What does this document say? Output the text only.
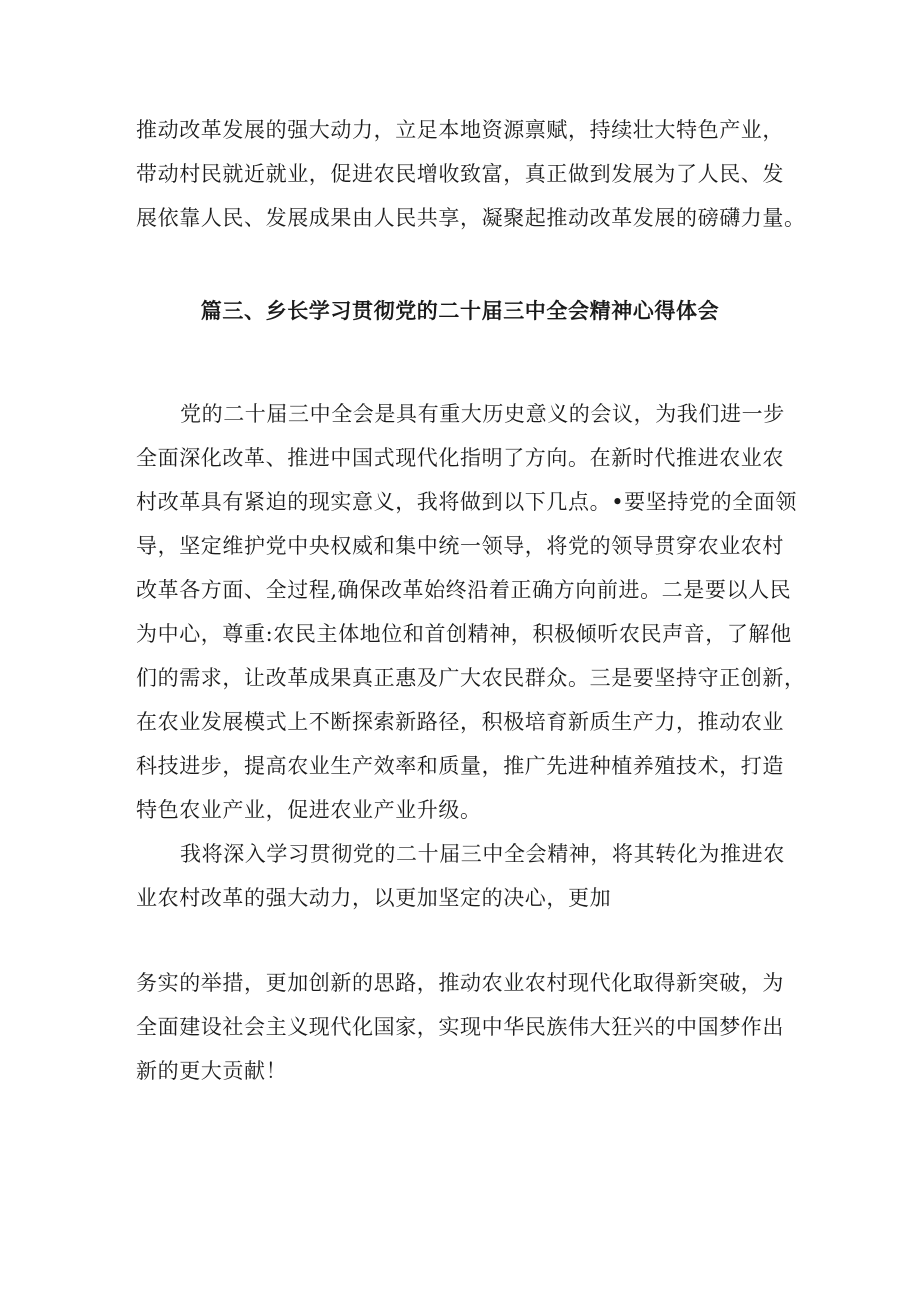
推动改革发展的强大动力，立足本地资源禀赋，持续壮大特色产业，
带动村民就近就业，促进农民增收致富，真正做到发展为了人民、发
展依靠人民、发展成果由人民共享，凝聚起推动改革发展的磅礴力量。
篇三、乡长学习贯彻党的二十届三中全会精神心得体会
党的二十届三中全会是具有重大历史意义的会议，为我们进一步
全面深化改革、推进中国式现代化指明了方向。在新时代推进农业农
村改革具有紧迫的现实意义，我将做到以下几点。•要坚持党的全面领
导，坚定维护党中央权威和集中统一领导，将党的领导贯穿农业农村
改革各方面、全过程,确保改革始终沿着正确方向前进。二是要以人民
为中心，尊重:农民主体地位和首创精神，积极倾听农民声音，了解他
们的需求，让改革成果真正惠及广大农民群众。三是要坚持守正创新，
在农业发展模式上不断探索新路径，积极培育新质生产力，推动农业
科技进步，提高农业生产效率和质量，推广先进种植养殖技术，打造
特色农业产业，促进农业产业升级。
我将深入学习贯彻党的二十届三中全会精神，将其转化为推进农
业农村改革的强大动力，以更加坚定的决心，更加
务实的举措，更加创新的思路，推动农业农村现代化取得新突破，为
全面建设社会主义现代化国家，实现中华民族伟大狂兴的中国梦作出
新的更大贡献！
